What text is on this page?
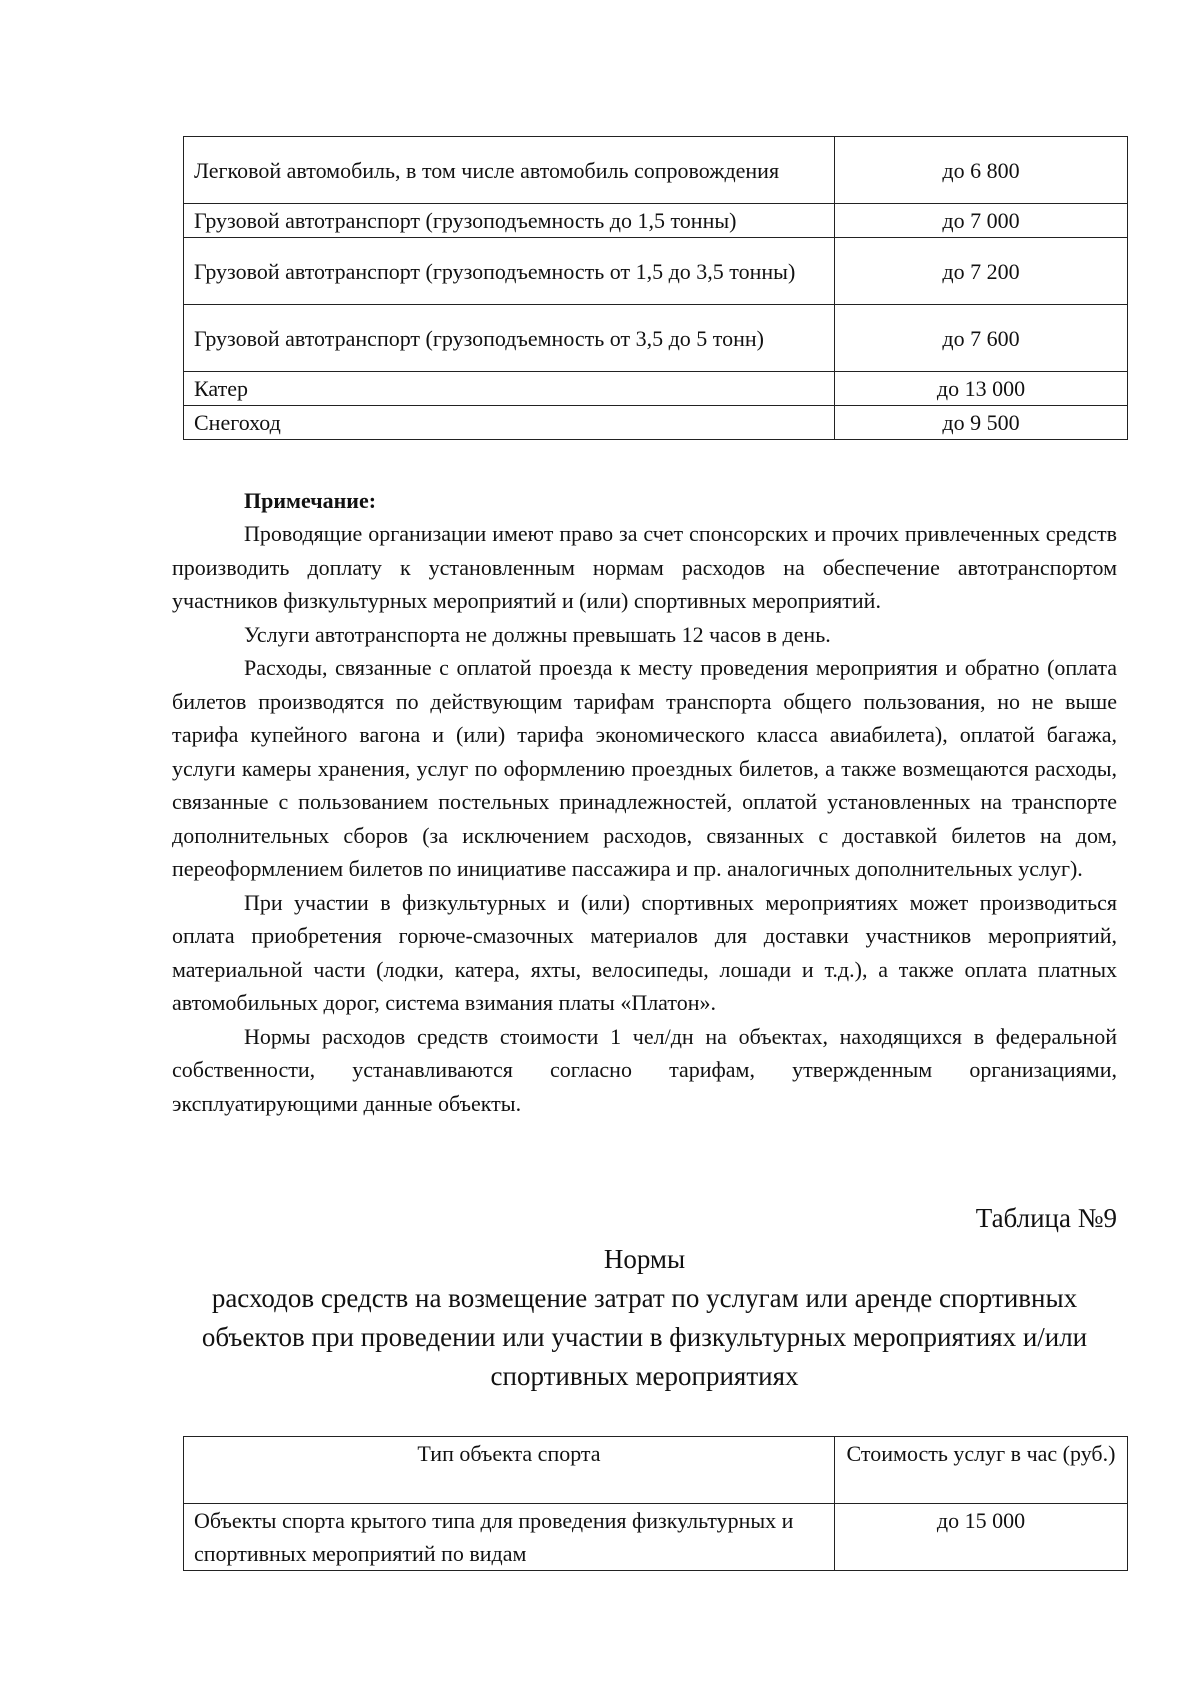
Легковой автомобиль, в том числе автомобиль сопровождения	до 6 800
Грузовой автотранспорт (грузоподъемность до 1,5 тонны)	до 7 000
Грузовой автотранспорт (грузоподъемность от 1,5 до 3,5 тонны)	до 7 200
Грузовой автотранспорт (грузоподъемность от 3,5 до 5 тонн)	до 7 600
Катер	до 13 000
Снегоход	до 9 500
Примечание:

Проводящие организации имеют право за счет спонсорских и прочих привлеченных средств производить доплату к установленным нормам расходов на обеспечение автотранспортом участников физкультурных мероприятий и (или) спортивных мероприятий.

Услуги автотранспорта не должны превышать 12 часов в день.

Расходы, связанные с оплатой проезда к месту проведения мероприятия и обратно (оплата билетов производятся по действующим тарифам транспорта общего пользования, но не выше тарифа купейного вагона и (или) тарифа экономического класса авиабилета), оплатой багажа, услуги камеры хранения, услуг по оформлению проездных билетов, а также возмещаются расходы, связанные с пользованием постельных принадлежностей, оплатой установленных на транспорте дополнительных сборов (за исключением расходов, связанных с доставкой билетов на дом, переоформлением билетов по инициативе пассажира и пр. аналогичных дополнительных услуг).

При участии в физкультурных и (или) спортивных мероприятиях может производиться оплата приобретения горюче-смазочных материалов для доставки участников мероприятий, материальной части (лодки, катера, яхты, велосипеды, лошади и т.д.), а также оплата платных автомобильных дорог, система взимания платы «Платон».

Нормы расходов средств стоимости 1 чел/дн на объектах, находящихся в федеральной собственности, устанавливаются согласно тарифам, утвержденным организациями, эксплуатирующими данные объекты.

Таблица №9
Нормы
расходов средств на возмещение затрат по услугам или аренде спортивных объектов при проведении или участии в физкультурных мероприятиях и/или спортивных мероприятиях
Тип объекта спорта	Стоимость услуг в час (руб.)
Объекты спорта крытого типа для проведения физкультурных и спортивных мероприятий по видам	до 15 000
